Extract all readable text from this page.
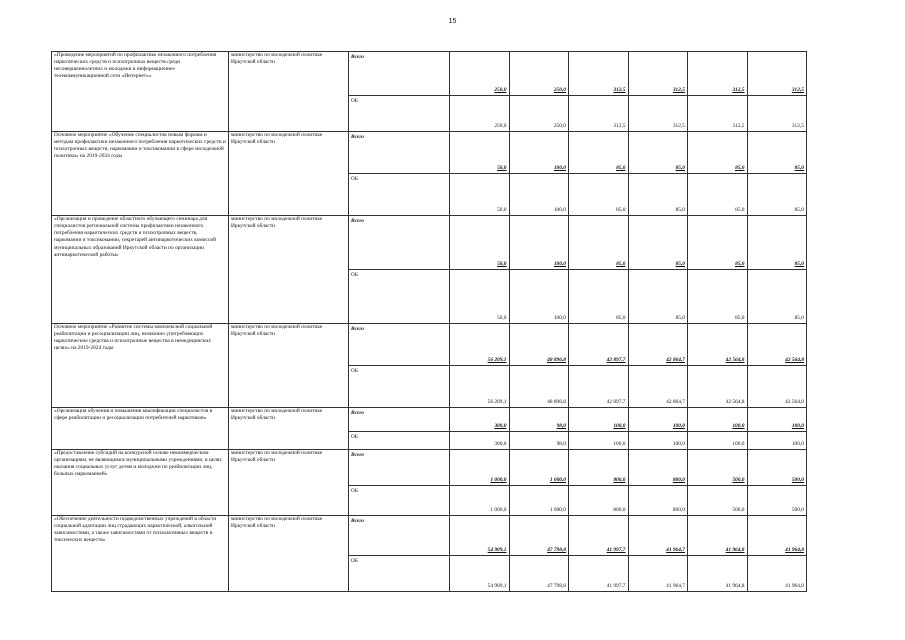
15
«Проведение мероприятий по профилактике незаконного потребления наркотических средств и психотропных веществ среди несовершеннолетних и молодежи в информационно-телекоммуникационной сети «Интернет»»	министерство по молодежной политике Иркутской области	Всего	250,0	250,0	312,5	312,5	312,5	312,5
		ОБ	250,0	250,0	312,5	312,5	312,5	312,5
Основное мероприятие «Обучение специалистов новым формам и методам профилактики незаконного потребления наркотических средств и психотропных веществ, наркомании и токсикомании в сфере молодежной политики» на 2019-2024 годы	министерство по молодежной политике Иркутской области	Всего	50,0	100,0	85,0	85,0	85,0	85,0
		ОБ	50,0	100,0	85,0	85,0	85,0	85,0
«Организация и проведение областного обучающего семинара для специалистов региональной системы профилактики незаконного потребления наркотических средств и психотропных веществ, наркомании и токсикомании, секретарей антинаркотических комиссий муниципальных образований Иркутской области по организации антинаркотической работы»	министерство по молодежной политике Иркутской области	Всего	50,0	100,0	85,0	85,0	85,0	85,0
		ОБ	50,0	100,0	85,0	85,0	85,0	85,0
Основное мероприятие «Развитие системы комплексной социальной реабилитации и ресоциализации лиц, незаконно употребляющих наркотические средства и психотропные вещества в немедицинских целях» на 2019-2024 годы	министерство по молодежной политике Иркутской области	Всего	56 209,1	48 896,8	42 897,7	42 864,7	42 564,8	42 564,8
		ОБ	56 209,1	48 896,8	42 897,7	42 864,7	42 564,8	42 564,8
«Организация обучения и повышения квалификации специалистов в сфере реабилитации и ресоциализации потребителей наркотиков»	министерство по молодежной политике Иркутской области	Всего	300,0	98,0	100,0	100,0	100,0	100,0
		ОБ	300,0	98,0	100,0	100,0	100,0	100,0
«Предоставление субсидий на конкурсной основе некоммерческим организациям, не являющимся муниципальными учреждениями, в целях оказания социальных услуг детям и молодежи по реабилитации лиц, больных наркоманией»	министерство по молодежной политике Иркутской области	Всего	1 000,0	1 000,0	800,0	800,0	500,0	500,0
		ОБ	1 000,0	1 000,0	800,0	800,0	500,0	500,0
«Обеспечение деятельности подведомственных учреждений в области социальной адаптации лиц страдающих наркотической, алкогольной зависимостями, а также зависимостями от психоактивных веществ и токсических веществ»	министерство по молодежной политике Иркутской области	Всего	54 909,1	47 798,8	41 997,7	41 964,7	41 964,8	41 964,8
		ОБ	54 909,1	47 798,8	41 997,7	41 964,7	41 964,8	41 964,8
